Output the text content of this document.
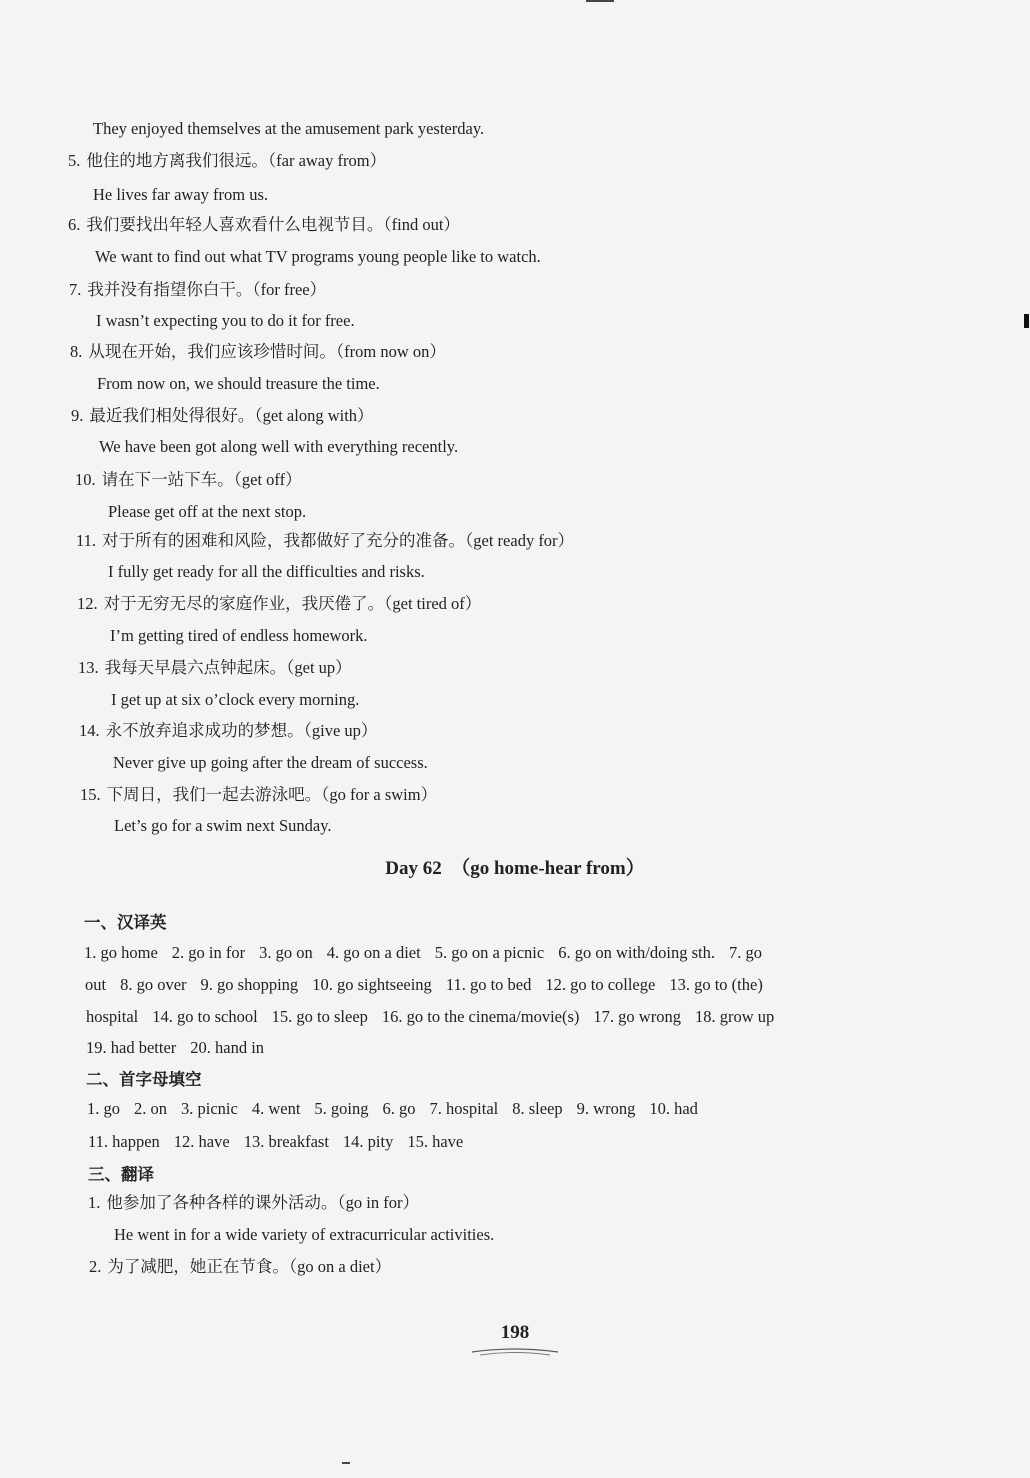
They enjoyed themselves at the amusement park yesterday.
5. 他住的地方离我们很远。（far away from）
He lives far away from us.
6. 我们要找出年轻人喜欢看什么电视节目。（find out）
We want to find out what TV programs young people like to watch.
7. 我并没有指望你白干。（for free）
I wasn’t expecting you to do it for free.
8. 从现在开始，我们应该珍惜时间。（from now on）
From now on, we should treasure the time.
9. 最近我们相处得很好。（get along with）
We have been got along well with everything recently.
10. 请在下一站下车。（get off）
Please get off at the next stop.
11. 对于所有的困难和风险，我都做好了充分的准备。（get ready for）
I fully get ready for all the difficulties and risks.
12. 对于无穷无尽的家庭作业，我厌倦了。（get tired of）
I’m getting tired of endless homework.
13. 我每天早晨六点钟起床。（get up）
I get up at six o’clock every morning.
14. 永不放弃追求成功的梦想。（give up）
Never give up going after the dream of success.
15. 下周日，我们一起去游泳吧。（go for a swim）
Let’s go for a swim next Sunday.
Day 62　（go home-hear from）
一、汉译英
1. go home 2. go in for 3. go on 4. go on a diet 5. go on a picnic 6. go on with/doing sth. 7. go
out 8. go over 9. go shopping 10. go sightseeing 11. go to bed 12. go to college 13. go to (the)
hospital 14. go to school 15. go to sleep 16. go to the cinema/movie(s) 17. go wrong 18. grow up
19. had better 20. hand in
二、首字母填空
1. go 2. on 3. picnic 4. went 5. going 6. go 7. hospital 8. sleep 9. wrong 10. had
11. happen 12. have 13. breakfast 14. pity 15. have
三、翻译
1. 他参加了各种各样的课外活动。（go in for）
He went in for a wide variety of extracurricular activities.
2. 为了减肥，她正在节食。（go on a diet）
198
